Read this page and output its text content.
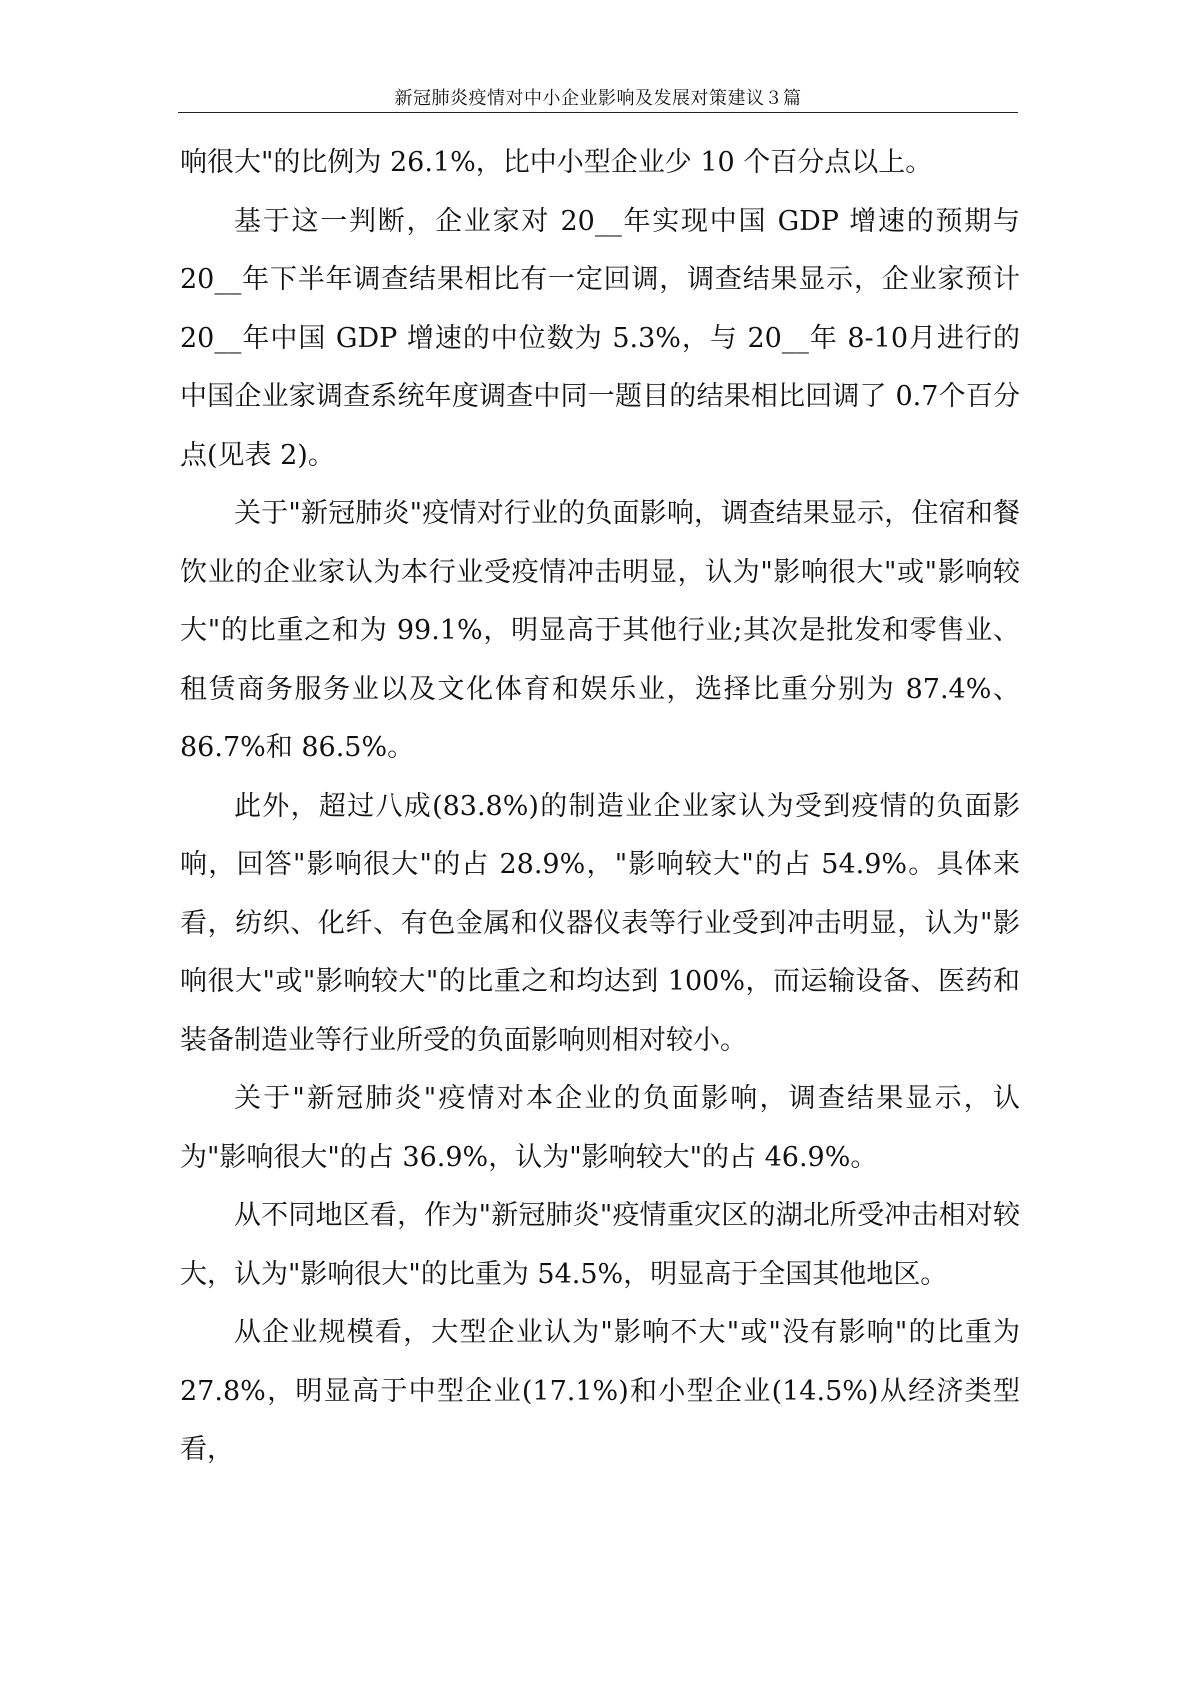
新冠肺炎疫情对中小企业影响及发展对策建议３篇

响很大"的比例为 26.1%，比中小型企业少 10 个百分点以上。

基于这一判断，企业家对 20__年实现中国 GDP 增速的预期与 20__年下半年调查结果相比有一定回调，调查结果显示，企业家预计 20__年中国 GDP 增速的中位数为 5.3%，与 20__年 8-10月进行的中国企业家调查系统年度调查中同一题目的结果相比回调了 0.7个百分点(见表 2)。

关于"新冠肺炎"疫情对行业的负面影响，调查结果显示，住宿和餐饮业的企业家认为本行业受疫情冲击明显，认为"影响很大"或"影响较大"的比重之和为 99.1%，明显高于其他行业;其次是批发和零售业、租赁商务服务业以及文化体育和娱乐业，选择比重分别为 87.4%、86.7%和 86.5%。

此外，超过八成(83.8%)的制造业企业家认为受到疫情的负面影响，回答"影响很大"的占 28.9%，"影响较大"的占 54.9%。具体来看，纺织、化纤、有色金属和仪器仪表等行业受到冲击明显，认为"影响很大"或"影响较大"的比重之和均达到 100%，而运输设备、医药和装备制造业等行业所受的负面影响则相对较小。

关于"新冠肺炎"疫情对本企业的负面影响，调查结果显示，认为"影响很大"的占 36.9%，认为"影响较大"的占 46.9%。

从不同地区看，作为"新冠肺炎"疫情重灾区的湖北所受冲击相对较大，认为"影响很大"的比重为 54.5%，明显高于全国其他地区。

从企业规模看，大型企业认为"影响不大"或"没有影响"的比重为 27.8%，明显高于中型企业(17.1%)和小型企业(14.5%)从经济类型看，
